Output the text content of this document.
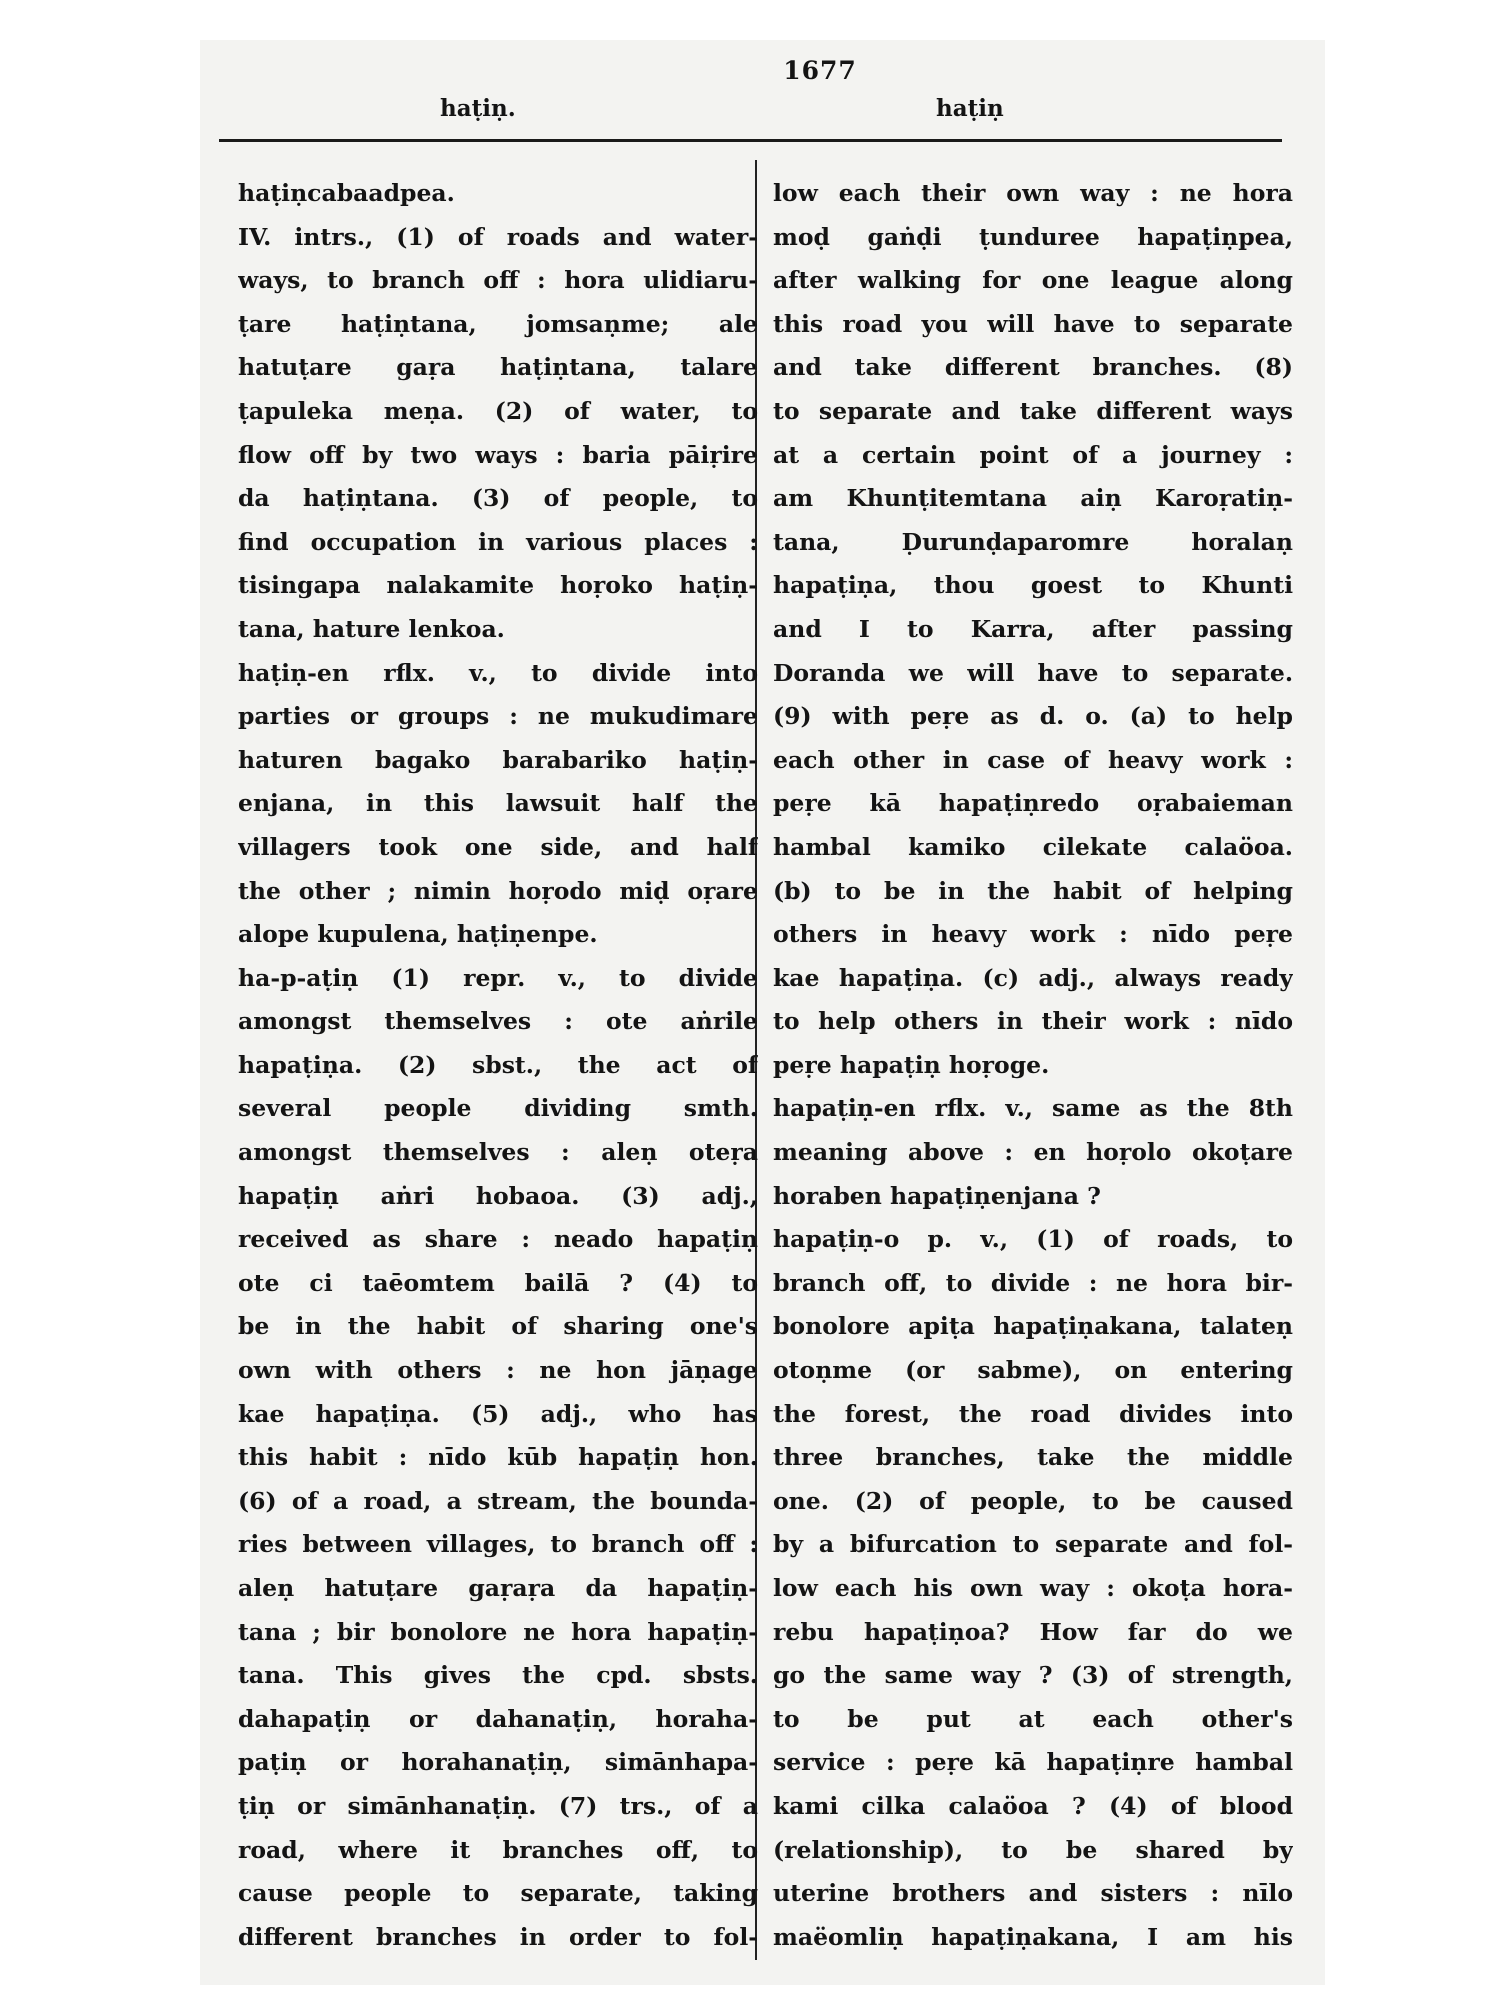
1677
haṭiṇ.	haṭiṇ
haṭiṇcabaadpea.
IV. intrs., (1) of roads and water-
ways, to branch off : hora ulidiaru-
ṭare haṭiṇtana, jomsaṇme; ale
hatuṭare gaṛa haṭiṇtana, talare
ṭapuleka meṇa. (2) of water, to
flow off by two ways : baria pāiṛire
da haṭiṇtana. (3) of people, to
find occupation in various places :
tisingapa nalakamite hoṛoko haṭiṇ-
tana, hature lenkoa.
haṭiṇ-en rflx. v., to divide into
parties or groups : ne mukudimare
haturen bagako barabariko haṭiṇ-
enjana, in this lawsuit half the
villagers took one side, and half
the other ; nimin hoṛodo miḍ oṛare
alope kupulena, haṭiṇenpe.
ha-p-aṭiṇ (1) repr. v., to divide
amongst themselves : ote aṅrile
hapaṭiṇa. (2) sbst., the act of
several people dividing smth.
amongst themselves : aleṇ oteṛa
hapaṭiṇ aṅri hobaoa. (3) adj.,
received as share : neado hapaṭiṇ
ote ci taēomtem bailā ? (4) to
be in the habit of sharing one's
own with others : ne hon jāṇage
kae hapaṭiṇa. (5) adj., who has
this habit : nīdo kūb hapaṭiṇ hon.
(6) of a road, a stream, the bounda-
ries between villages, to branch off :
aleṇ hatuṭare gaṛaṛa da hapaṭiṇ-
tana ; bir bonolore ne hora hapaṭiṇ-
tana. This gives the cpd. sbsts.
dahapaṭiṇ or dahanaṭiṇ, horaha-
paṭiṇ or horahanaṭiṇ, simānhapa-
ṭiṇ or simānhanaṭiṇ. (7) trs., of a
road, where it branches off, to
cause people to separate, taking
different branches in order to fol-
low each their own way : ne hora
moḍ gaṅḍi ṭunduree hapaṭiṇpea,
after walking for one league along
this road you will have to separate
and take different branches. (8)
to separate and take different ways
at a certain point of a journey :
am Khunṭitemtana aiṇ Karoṛatiṇ-
tana, Ḍurunḍaparomre horalaṇ
hapaṭiṇa, thou goest to Khunti
and I to Karra, after passing
Doranda we will have to separate.
(9) with peṛe as d. o. (a) to help
each other in case of heavy work :
peṛe kā hapaṭiṇredo oṛabaieman
hambal kamiko cilekate calaöoa.
(b) to be in the habit of helping
others in heavy work : nīdo peṛe
kae hapaṭiṇa. (c) adj., always ready
to help others in their work : nīdo
peṛe hapaṭiṇ hoṛoge.
hapaṭiṇ-en rflx. v., same as the 8th
meaning above : en hoṛolo okoṭare
horaben hapaṭiṇenjana ?
hapaṭiṇ-o p. v., (1) of roads, to
branch off, to divide : ne hora bir-
bonolore apiṭa hapaṭiṇakana, talateṇ
otoṇme (or sabme), on entering
the forest, the road divides into
three branches, take the middle
one. (2) of people, to be caused
by a bifurcation to separate and fol-
low each his own way : okoṭa hora-
rebu hapaṭiṇoa? How far do we
go the same way ? (3) of strength,
to be put at each other's
service : peṛe kā hapaṭiṇre hambal
kami cilka calaöoa ? (4) of blood
(relationship), to be shared by
uterine brothers and sisters : nīlo
maëomliṇ hapaṭiṇakana, I am his
